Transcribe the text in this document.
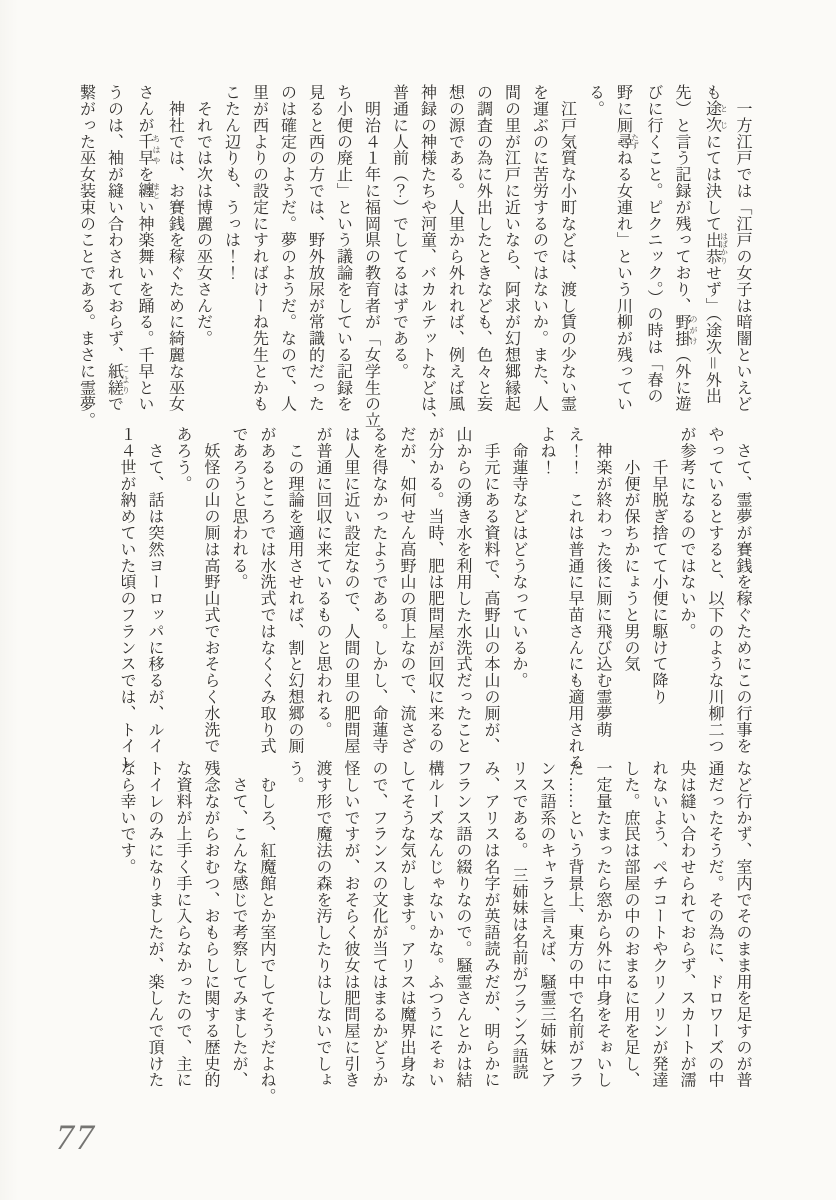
　一方江戸では「江戸の女子は暗闇といえど

も途次 とじにては決して出恭 はばかりせず」（途次＝外出

先）と言う記録が残っており、野掛 のがけ（外に遊

びに行くこと。ピクニック。）の時は「春の

野に厠尋 たずねる女連れ」という川柳が残ってい

る。

　江戸気質な小町などは、渡し賃の少ない霊

を運ぶのに苦労するのではないか。また、人

間の里が江戸に近いなら、阿求が幻想郷縁起

の調査の為に外出したときなども、色々と妄

想の源である。人里から外れれば、例えば風

神録の神様たちや河童、バカルテットなどは、

普通に人前（？）でしてるはずである。

　明治４１年に福岡県の教育者が「女学生の立

ち小便の廃止」という議論をしている記録を

見ると西の方では、野外放尿が常識的だった

のは確定のようだ。夢のようだ。なので、人

里が西よりの設定にすればけーね先生とかも

こたん辺りも、うっは！！

　それでは次は博麗の巫女さんだ。

　神社では、お賽銭を稼ぐために綺麗な巫女

さんが千早 ちはやを纏 まとい神楽舞いを踊る。千早とい

うのは、袖が縫い合わされておらず、紙縒 こよりで

繋がった巫女装束のことである。まさに霊夢。

　さて、霊夢が賽銭を稼ぐためにこの行事を

やっているとすると、以下のような川柳二つ

が参考になるのではないか。

　　千早脱ぎ捨てて小便に駆けて降り

　　小便が保ちかにょうと男の気

　神楽が終わった後に厠に飛び込む霊夢萌

え！！　これは普通に早苗さんにも適用される

よね！

　命蓮寺などはどうなっているか。

　手元にある資料で、高野山の本山の厠が、

山からの湧き水を利用した水洗式だったこと

が分かる。当時、肥は肥問屋が回収に来るの

だが、如何せん高野山の頂上なので、流さざ

るを得なかったようである。しかし、命蓮寺

は人里に近い設定なので、人間の里の肥問屋

が普通に回収に来ているものと思われる。

　この理論を適用させれば、割と幻想郷の厠

があるところでは水洗式ではなくくみ取り式

であろうと思われる。

　妖怪の山の厠は高野山式でおそらく水洗で

あろう。

　さて、話は突然ヨーロッパに移るが、ルイ

１４世が納めていた頃のフランスでは、トイレ

など行かず、室内でそのまま用を足すのが普

通だったそうだ。その為に、ドロワーズの中

央は縫い合わせられておらず、スカートが濡

れないよう、ペチコートやクリノリンが発達

した。庶民は部屋の中のおまるに用を足し、

一定量たまったら窓から外に中身をそぉいし

た……という背景上、東方の中で名前がフラ

ンス語系のキャラと言えば、騒霊三姉妹とア

リスである。　三姉妹は名前がフランス語読

み、アリスは名字が英語読みだが、明らかに

フランス語の綴りなので。騒霊さんとかは結

構ルーズなんじゃないかな。ふつうにそぉい

してそうな気がします。アリスは魔界出身な

ので、フランスの文化が当てはまるかどうか

怪しいですが、おそらく彼女は肥問屋に引き

渡す形で魔法の森を汚したりはしないでしょ

う。

　むしろ、紅魔館とか室内でしてそうだよね。

　さて、こんな感じで考察してみましたが、

残念ながらおむつ、おもらしに関する歴史的

な資料が上手く手に入らなかったので、主に

トイレのみになりましたが、楽しんで頂けた

なら幸いです。

77
